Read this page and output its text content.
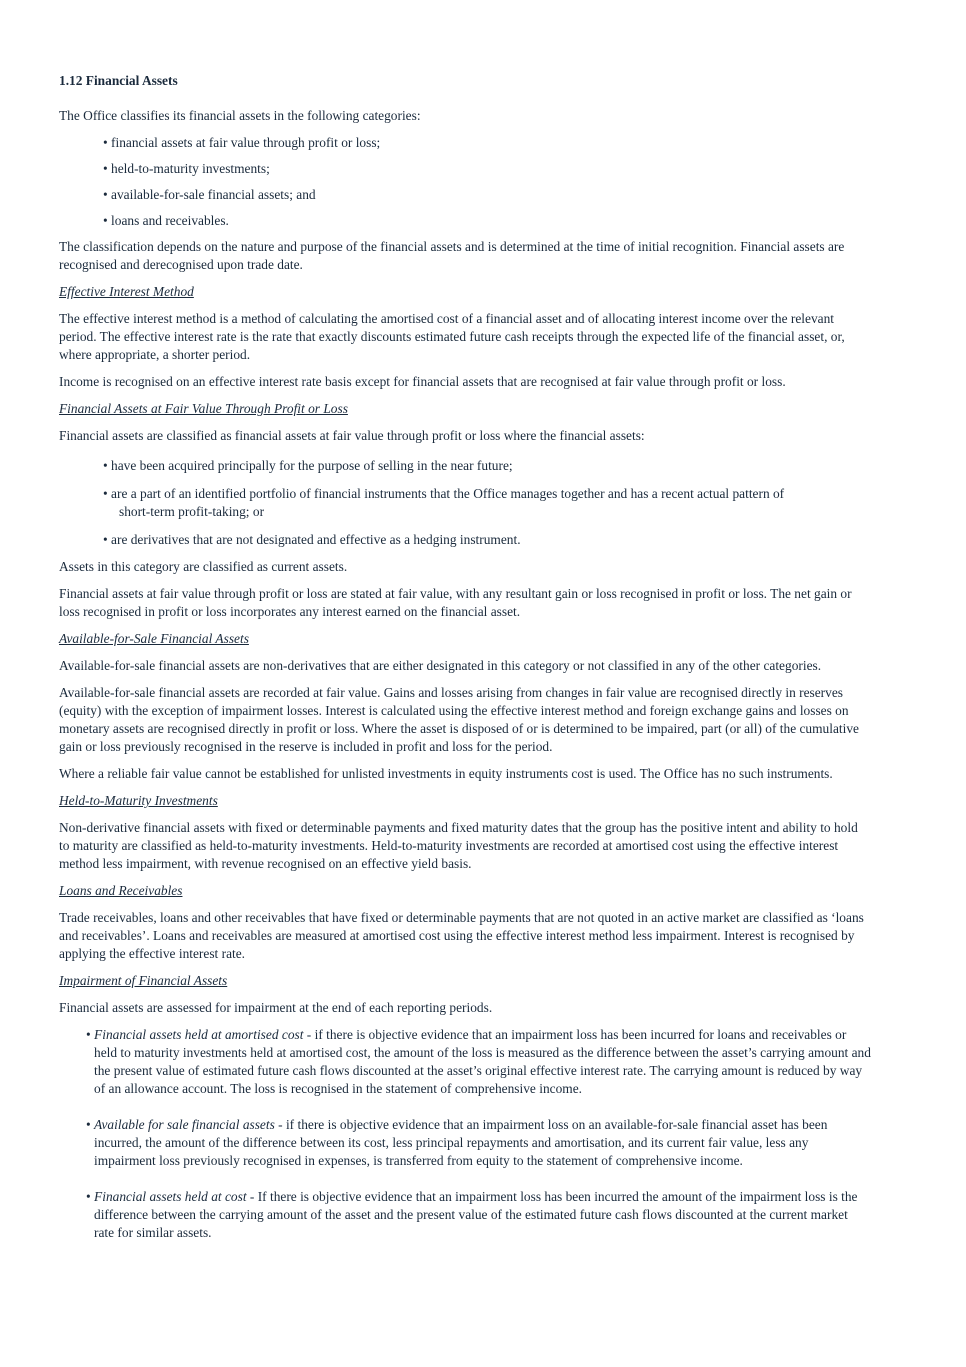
1.12 Financial Assets

The Office classifies its financial assets in the following categories:

• financial assets at fair value through profit or loss;
• held-to-maturity investments;
• available-for-sale financial assets; and
• loans and receivables.

The classification depends on the nature and purpose of the financial assets and is determined at the time of initial recognition. Financial assets are recognised and derecognised upon trade date.

Effective Interest Method

The effective interest method is a method of calculating the amortised cost of a financial asset and of allocating interest income over the relevant period. The effective interest rate is the rate that exactly discounts estimated future cash receipts through the expected life of the financial asset, or, where appropriate, a shorter period.

Income is recognised on an effective interest rate basis except for financial assets that are recognised at fair value through profit or loss.

Financial Assets at Fair Value Through Profit or Loss

Financial assets are classified as financial assets at fair value through profit or loss where the financial assets:

• have been acquired principally for the purpose of selling in the near future;
• are a part of an identified portfolio of financial instruments that the Office manages together and has a recent actual pattern of
short-term profit-taking; or
• are derivatives that are not designated and effective as a hedging instrument.

Assets in this category are classified as current assets.

Financial assets at fair value through profit or loss are stated at fair value, with any resultant gain or loss recognised in profit or loss. The net gain or loss recognised in profit or loss incorporates any interest earned on the financial asset.

Available-for-Sale Financial Assets

Available-for-sale financial assets are non-derivatives that are either designated in this category or not classified in any of the other categories.

Available-for-sale financial assets are recorded at fair value. Gains and losses arising from changes in fair value are recognised directly in reserves (equity) with the exception of impairment losses. Interest is calculated using the effective interest method and foreign exchange gains and losses on monetary assets are recognised directly in profit or loss. Where the asset is disposed of or is determined to be impaired, part (or all) of the cumulative gain or loss previously recognised in the reserve is included in profit and loss for the period.

Where a reliable fair value cannot be established for unlisted investments in equity instruments cost is used. The Office has no such instruments.

Held-to-Maturity Investments

Non-derivative financial assets with fixed or determinable payments and fixed maturity dates that the group has the positive intent and ability to hold to maturity are classified as held-to-maturity investments. Held-to-maturity investments are recorded at amortised cost using the effective interest method less impairment, with revenue recognised on an effective yield basis.

Loans and Receivables

Trade receivables, loans and other receivables that have fixed or determinable payments that are not quoted in an active market are classified as ‘loans and receivables’. Loans and receivables are measured at amortised cost using the effective interest method less impairment. Interest is recognised by applying the effective interest rate.

Impairment of Financial Assets

Financial assets are assessed for impairment at the end of each reporting periods.

• Financial assets held at amortised cost - if there is objective evidence that an impairment loss has been incurred for loans and receivables or held to maturity investments held at amortised cost, the amount of the loss is measured as the difference between the asset’s carrying amount and the present value of estimated future cash flows discounted at the asset’s original effective interest rate. The carrying amount is reduced by way of an allowance account. The loss is recognised in the statement of comprehensive income.
• Available for sale financial assets - if there is objective evidence that an impairment loss on an available-for-sale financial asset has been incurred, the amount of the difference between its cost, less principal repayments and amortisation, and its current fair value, less any impairment loss previously recognised in expenses, is transferred from equity to the statement of comprehensive income.
• Financial assets held at cost - If there is objective evidence that an impairment loss has been incurred the amount of the impairment loss is the difference between the carrying amount of the asset and the present value of the estimated future cash flows discounted at the current market rate for similar assets.
